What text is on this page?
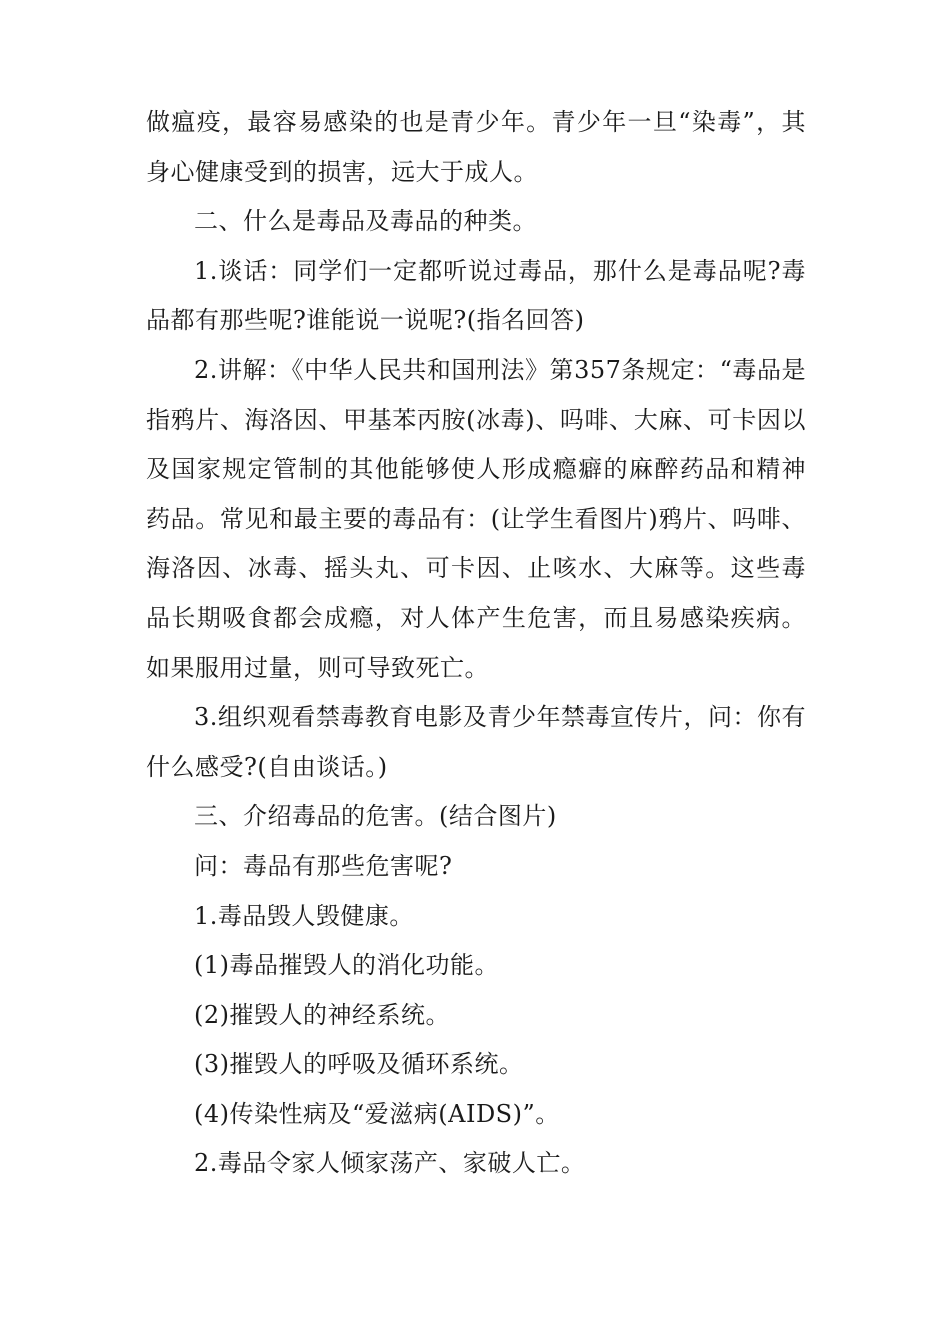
做瘟疫，最容易感染的也是青少年。青少年一旦“染毒”，其身心健康受到的损害，远大于成人。

二、什么是毒品及毒品的种类。

1.谈话：同学们一定都听说过毒品，那什么是毒品呢?毒品都有那些呢?谁能说一说呢?(指名回答)

2.讲解：《中华人民共和国刑法》第357条规定：“毒品是指鸦片、海洛因、甲基苯丙胺(冰毒)、吗啡、大麻、可卡因以及国家规定管制的其他能够使人形成瘾癖的麻醉药品和精神药品。常见和最主要的毒品有：(让学生看图片)鸦片、吗啡、海洛因、冰毒、摇头丸、可卡因、止咳水、大麻等。这些毒品长期吸食都会成瘾，对人体产生危害，而且易感染疾病。如果服用过量，则可导致死亡。

3.组织观看禁毒教育电影及青少年禁毒宣传片，问：你有什么感受?(自由谈话。)

三、介绍毒品的危害。(结合图片)

问：毒品有那些危害呢?

1.毒品毁人毁健康。

(1)毒品摧毁人的消化功能。

(2)摧毁人的神经系统。

(3)摧毁人的呼吸及循环系统。

(4)传染性病及“爱滋病(AIDS)”。

2.毒品令家人倾家荡产、家破人亡。
